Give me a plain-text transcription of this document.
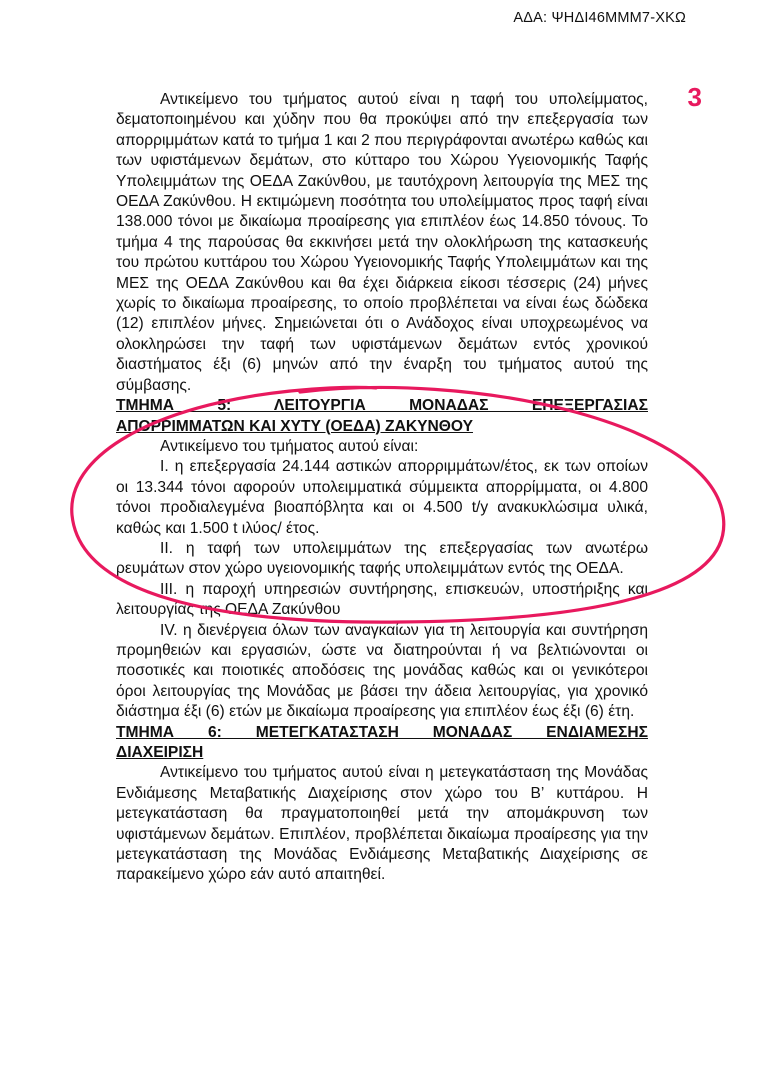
ΑΔΑ: ΨΗΔΙ46ΜΜΜ7-ΧΚΩ
3

Αντικείμενο του τμήματος αυτού είναι η ταφή του υπολείμματος, δεματοποιημένου και χύδην που θα προκύψει από την επεξεργασία των απορριμμάτων κατά το τμήμα 1 και 2 που περιγράφονται ανωτέρω καθώς και των υφιστάμενων δεμάτων, στο κύτταρο του Χώρου Υγειονομικής Ταφής Υπολειμμάτων της ΟΕΔΑ Ζακύνθου, με ταυτόχρονη λειτουργία της ΜΕΣ της ΟΕΔΑ Ζακύνθου. Η εκτιμώμενη ποσότητα του υπολείμματος προς ταφή είναι 138.000 τόνοι με δικαίωμα προαίρεσης για επιπλέον έως 14.850 τόνους. Το τμήμα 4 της παρούσας θα εκκινήσει μετά την ολοκλήρωση της κατασκευής του πρώτου κυττάρου του Χώρου Υγειονομικής Ταφής Υπολειμμάτων και της ΜΕΣ της ΟΕΔΑ Ζακύνθου και θα έχει διάρκεια είκοσι τέσσερις (24) μήνες χωρίς το δικαίωμα προαίρεσης, το οποίο προβλέπεται να είναι έως δώδεκα (12) επιπλέον μήνες. Σημειώνεται ότι ο Ανάδοχος είναι υποχρεωμένος να ολοκληρώσει την ταφή των υφιστάμενων δεμάτων εντός χρονικού διαστήματος έξι (6) μηνών από την έναρξη του τμήματος αυτού της σύμβασης.

ΤΜΗΜΑ 5: ΛΕΙΤΟΥΡΓΙΑ ΜΟΝΑΔΑΣ ΕΠΕΞΕΡΓΑΣΙΑΣ
ΑΠΟΡΡΙΜΜΑΤΩΝ ΚΑΙ ΧΥΤΥ (ΟΕΔΑ) ΖΑΚΥΝΘΟΥ

Αντικείμενο του τμήματος αυτού είναι:

Ι. η επεξεργασία 24.144 αστικών απορριμμάτων/έτος, εκ των οποίων οι 13.344 τόνοι αφορούν υπολειμματικά σύμμεικτα απορρίμματα, οι 4.800 τόνοι προδιαλεγμένα βιοαπόβλητα και οι 4.500 t/y ανακυκλώσιμα υλικά, καθώς και 1.500 t ιλύος/ έτος.

ΙΙ. η ταφή των υπολειμμάτων της επεξεργασίας των ανωτέρω ρευμάτων στον χώρο υγειονομικής ταφής υπολειμμάτων εντός της ΟΕΔΑ.

ΙΙΙ. η παροχή υπηρεσιών συντήρησης, επισκευών, υποστήριξης και λειτουργίας της ΟΕΔΑ Ζακύνθου

ΙV. η διενέργεια όλων των αναγκαίων για τη λειτουργία και συντήρηση προμηθειών και εργασιών, ώστε να διατηρούνται ή να βελτιώνονται οι ποσοτικές και ποιοτικές αποδόσεις της μονάδας καθώς και οι γενικότεροι όροι λειτουργίας της Μονάδας με βάσει την άδεια λειτουργίας, για χρονικό διάστημα έξι (6) ετών με δικαίωμα προαίρεσης για επιπλέον έως έξι (6) έτη.

ΤΜΗΜΑ 6: ΜΕΤΕΓΚΑΤΑΣΤΑΣΗ ΜΟΝΑΔΑΣ ΕΝΔΙΑΜΕΣΗΣ
ΔΙΑΧΕΙΡΙΣΗ

Αντικείμενο του τμήματος αυτού είναι η μετεγκατάσταση της Μονάδας Ενδιάμεσης Μεταβατικής Διαχείρισης στον χώρο του Β’ κυττάρου. Η μετεγκατάσταση θα πραγματοποιηθεί μετά την απομάκρυνση των υφιστάμενων δεμάτων. Επιπλέον, προβλέπεται δικαίωμα προαίρεσης για την μετεγκατάσταση της Μονάδας Ενδιάμεσης Μεταβατικής Διαχείρισης σε παρακείμενο χώρο εάν αυτό απαιτηθεί.
